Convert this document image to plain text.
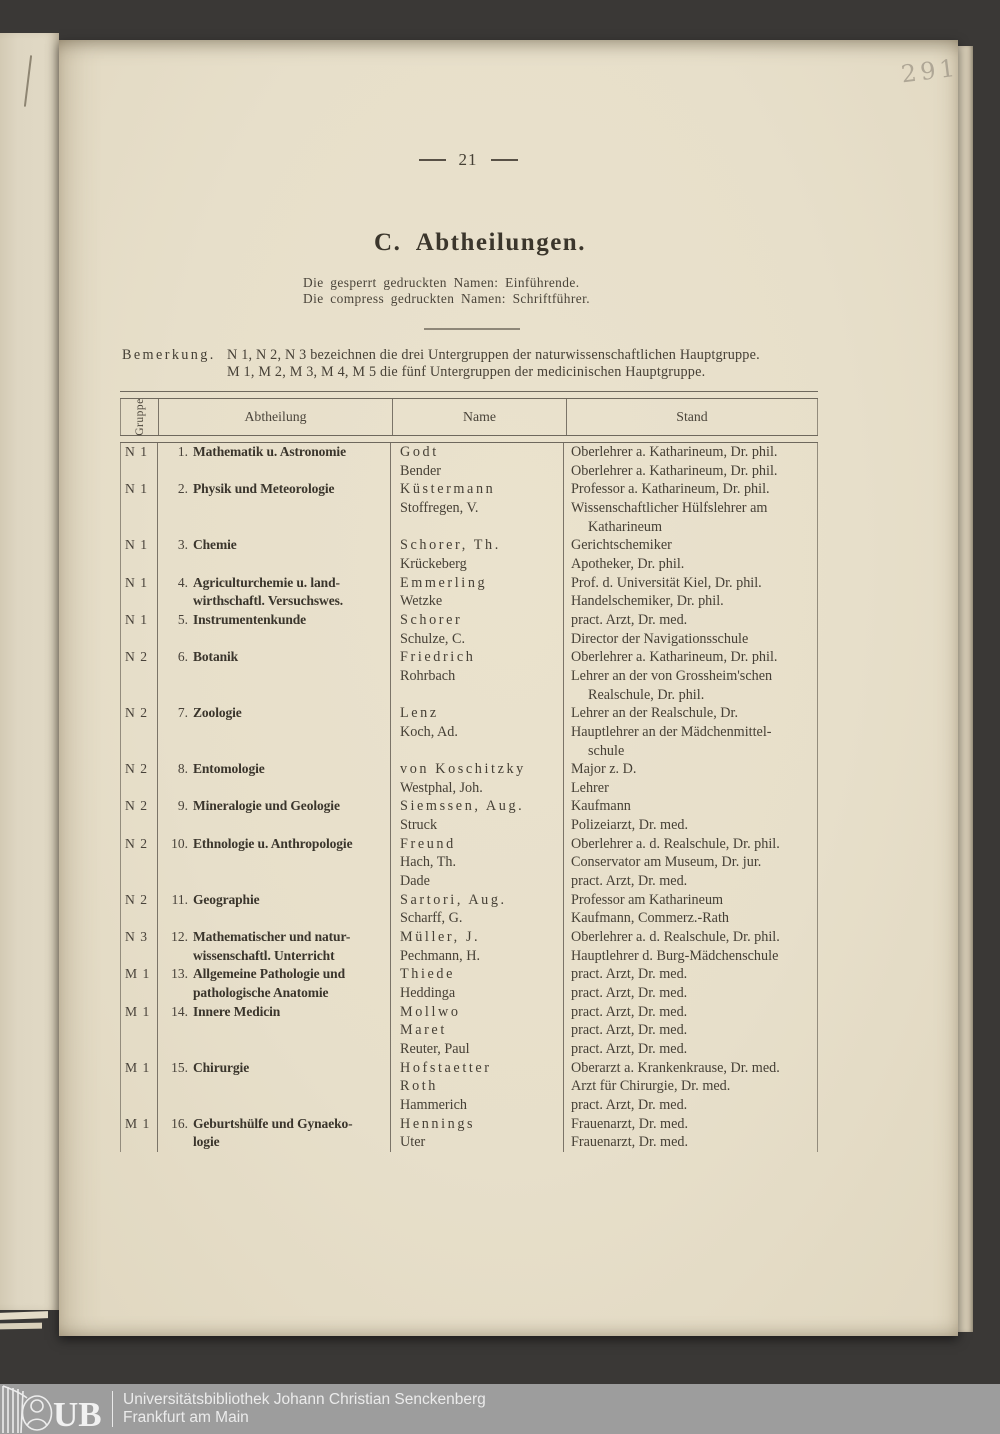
291
21
C. Abtheilungen.
Die gesperrt gedruckten Namen: Einführende.
Die compress gedruckten Namen: Schriftführer.
Bemerkung. N 1, N 2, N 3 bezeichnen die drei Untergruppen der naturwissenschaftlichen Hauptgruppe.
M 1, M 2, M 3, M 4, M 5 die fünf Untergruppen der medicinischen Hauptgruppe.
Gruppe	Abtheilung	Name	Stand
N 1	1. Mathematik u. Astronomie	Godt	Oberlehrer a. Katharineum, Dr. phil.
Bender	Oberlehrer a. Katharineum, Dr. phil.
N 1	2. Physik und Meteorologie	Küstermann	Professor a. Katharineum, Dr. phil.
Stoffregen, V.	Wissenschaftlicher Hülfslehrer am
Katharineum
N 1	3. Chemie	Schorer, Th.	Gerichtschemiker
Krückeberg	Apotheker, Dr. phil.
N 1	4. Agriculturchemie u. land-	Emmerling	Prof. d. Universität Kiel, Dr. phil.
wirthschaftl. Versuchswes.	Wetzke	Handelschemiker, Dr. phil.
N 1	5. Instrumentenkunde	Schorer	pract. Arzt, Dr. med.
Schulze, C.	Director der Navigationsschule
N 2	6. Botanik	Friedrich	Oberlehrer a. Katharineum, Dr. phil.
Rohrbach	Lehrer an der von Grossheim'schen
Realschule, Dr. phil.
N 2	7. Zoologie	Lenz	Lehrer an der Realschule, Dr.
Koch, Ad.	Hauptlehrer an der Mädchenmittel-
schule
N 2	8. Entomologie	von Koschitzky	Major z. D.
Westphal, Joh.	Lehrer
N 2	9. Mineralogie und Geologie	Siemssen, Aug.	Kaufmann
Struck	Polizeiarzt, Dr. med.
N 2	10. Ethnologie u. Anthropologie	Freund	Oberlehrer a. d. Realschule, Dr. phil.
Hach, Th.	Conservator am Museum, Dr. jur.
Dade	pract. Arzt, Dr. med.
N 2	11. Geographie	Sartori, Aug.	Professor am Katharineum
Scharff, G.	Kaufmann, Commerz.-Rath
N 3	12. Mathematischer und natur-	Müller, J.	Oberlehrer a. d. Realschule, Dr. phil.
wissenschaftl. Unterricht	Pechmann, H.	Hauptlehrer d. Burg-Mädchenschule
M 1	13. Allgemeine Pathologie und	Thiede	pract. Arzt, Dr. med.
pathologische Anatomie	Heddinga	pract. Arzt, Dr. med.
M 1	14. Innere Medicin	Mollwo	pract. Arzt, Dr. med.
Maret	pract. Arzt, Dr. med.
Reuter, Paul	pract. Arzt, Dr. med.
M 1	15. Chirurgie	Hofstaetter	Oberarzt a. Krankenkrause, Dr. med.
Roth	Arzt für Chirurgie, Dr. med.
Hammerich	pract. Arzt, Dr. med.
M 1	16. Geburtshülfe und Gynaeko-	Hennings	Frauenarzt, Dr. med.
logie	Uter	Frauenarzt, Dr. med.
UB Universitätsbibliothek Johann Christian Senckenberg
Frankfurt am Main
